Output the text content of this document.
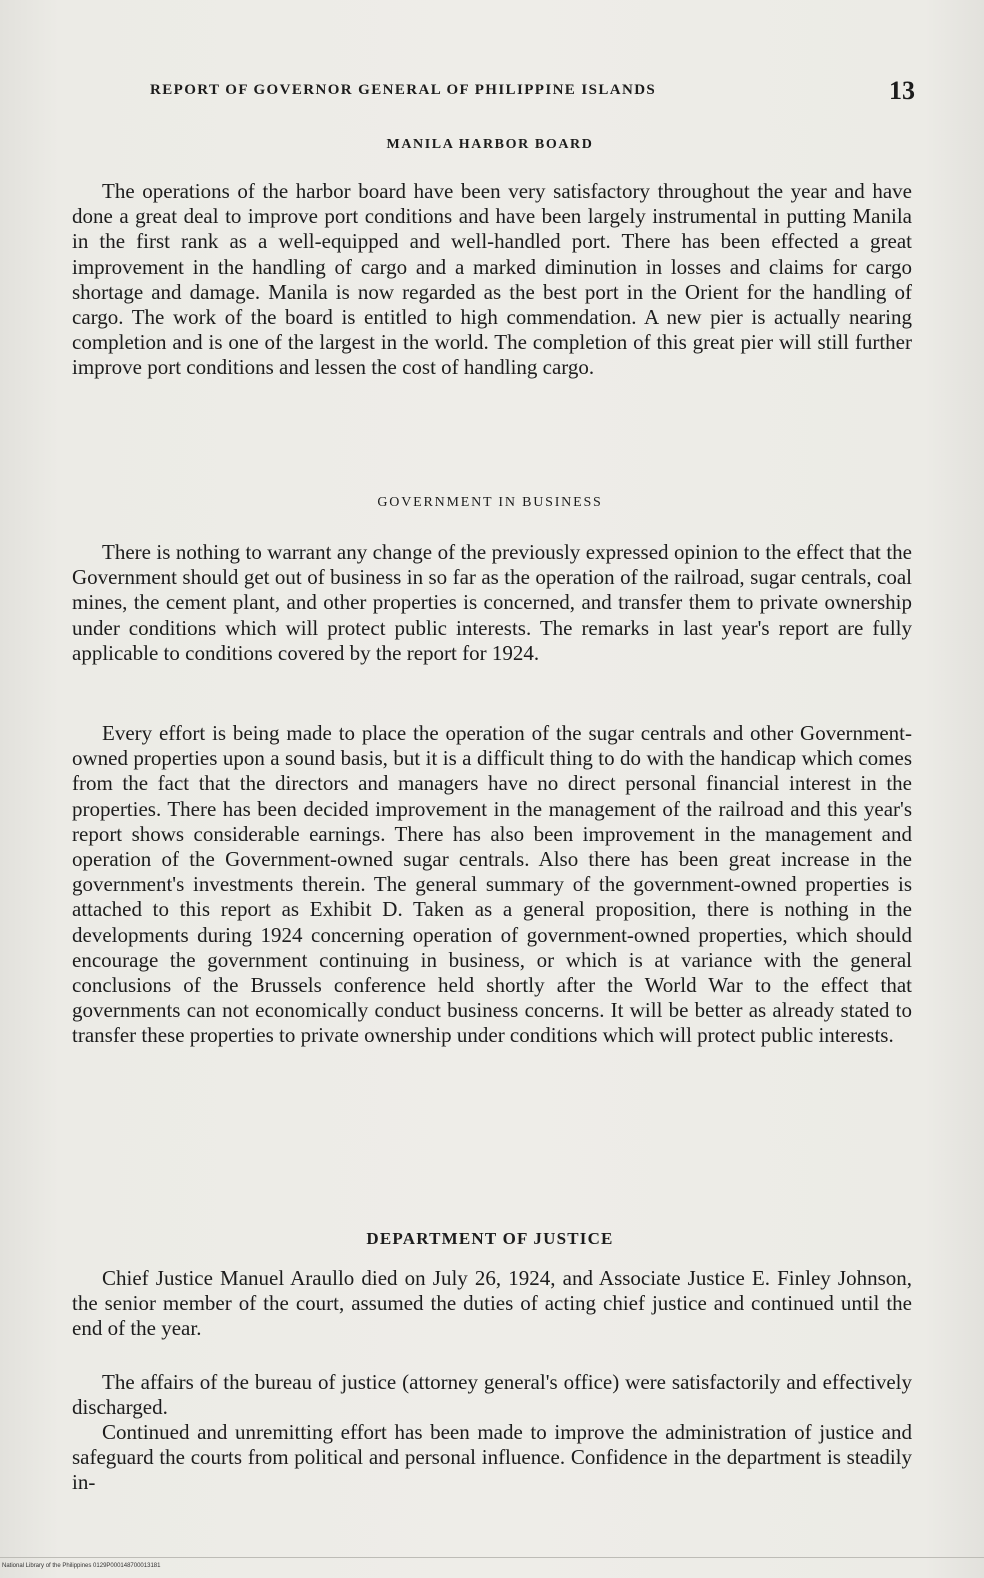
REPORT OF GOVERNOR GENERAL OF PHILIPPINE ISLANDS	13
MANILA HARBOR BOARD

The operations of the harbor board have been very satisfactory throughout the year and have done a great deal to improve port conditions and have been largely instrumental in putting Manila in the first rank as a well-equipped and well-handled port. There has been effected a great improvement in the handling of cargo and a marked diminution in losses and claims for cargo shortage and damage. Manila is now regarded as the best port in the Orient for the handling of cargo. The work of the board is entitled to high commendation. A new pier is actually nearing completion and is one of the largest in the world. The completion of this great pier will still further improve port conditions and lessen the cost of handling cargo.

GOVERNMENT IN BUSINESS

There is nothing to warrant any change of the previously expressed opinion to the effect that the Government should get out of business in so far as the operation of the railroad, sugar centrals, coal mines, the cement plant, and other properties is concerned, and transfer them to private ownership under conditions which will protect public interests. The remarks in last year's report are fully applicable to conditions covered by the report for 1924.

Every effort is being made to place the operation of the sugar centrals and other Government-owned properties upon a sound basis, but it is a difficult thing to do with the handicap which comes from the fact that the directors and managers have no direct personal financial interest in the properties. There has been decided improvement in the management of the railroad and this year's report shows considerable earnings. There has also been improvement in the management and operation of the Government-owned sugar centrals. Also there has been great increase in the government's investments therein. The general summary of the government-owned properties is attached to this report as Exhibit D. Taken as a general proposition, there is nothing in the developments during 1924 concerning operation of government-owned properties, which should encourage the government continuing in business, or which is at variance with the general conclusions of the Brussels conference held shortly after the World War to the effect that governments can not economically conduct business concerns. It will be better as already stated to transfer these properties to private ownership under conditions which will protect public interests.

DEPARTMENT OF JUSTICE

Chief Justice Manuel Araullo died on July 26, 1924, and Associate Justice E. Finley Johnson, the senior member of the court, assumed the duties of acting chief justice and continued until the end of the year.

The affairs of the bureau of justice (attorney general's office) were satisfactorily and effectively discharged.

Continued and unremitting effort has been made to improve the administration of justice and safeguard the courts from political and personal influence. Confidence in the department is steadily in-

National Library of the Philippines 0129P000148700013181
